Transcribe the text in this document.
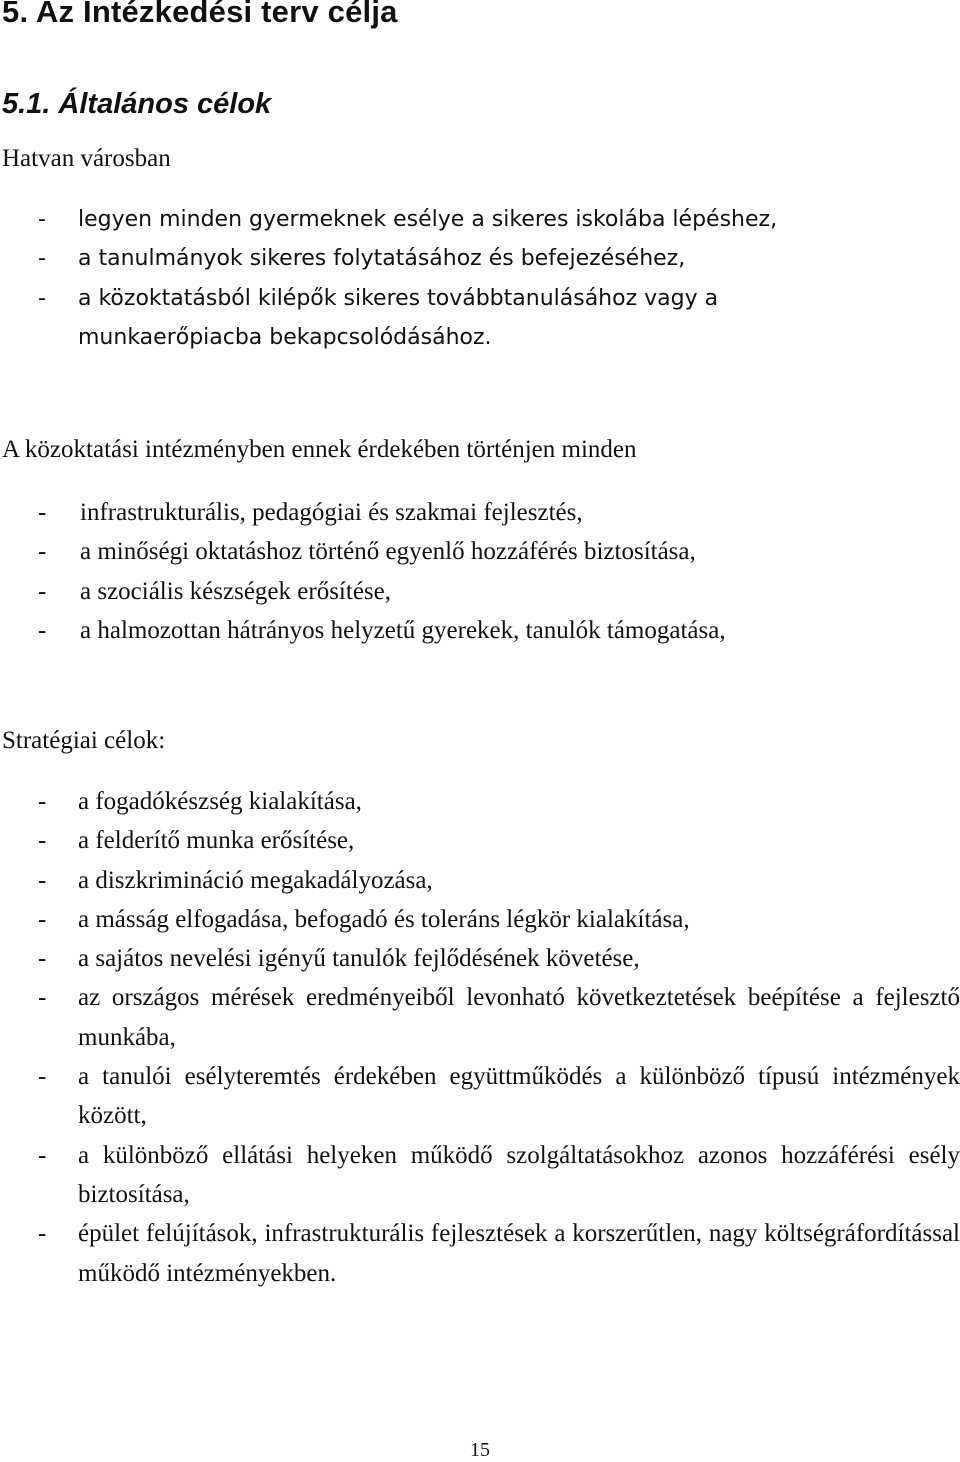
5. Az Intézkedési terv célja
5.1. Általános célok

Hatvan városban

- legyen minden gyermeknek esélye a sikeres iskolába lépéshez,
- a tanulmányok sikeres folytatásához és befejezéséhez,
- a közoktatásból kilépők sikeres továbbtanulásához vagy a munkaerőpiacba bekapcsolódásához.

A közoktatási intézményben ennek érdekében történjen minden

- infrastrukturális, pedagógiai és szakmai fejlesztés,
- a minőségi oktatáshoz történő egyenlő hozzáférés biztosítása,
- a szociális készségek erősítése,
- a halmozottan hátrányos helyzetű gyerekek, tanulók támogatása,

Stratégiai célok:

- a fogadókészség kialakítása,
- a felderítő munka erősítése,
- a diszkrimináció megakadályozása,
- a másság elfogadása, befogadó és toleráns légkör kialakítása,
- a sajátos nevelési igényű tanulók fejlődésének követése,
- az országos mérések eredményeiből levonható következtetések beépítése a fejlesztő munkába,
- a tanulói esélyteremtés érdekében együttműködés a különböző típusú intézmények között,
- a különböző ellátási helyeken működő szolgáltatásokhoz azonos hozzáférési esély biztosítása,
- épület felújítások, infrastrukturális fejlesztések a korszerűtlen, nagy költségráfordítással működő intézményekben.
15
